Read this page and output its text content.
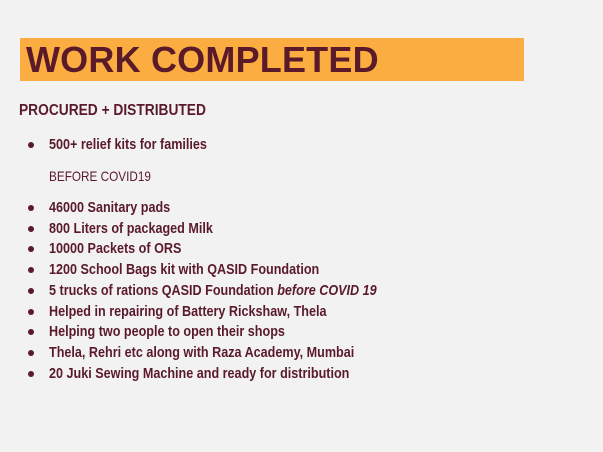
WORK COMPLETED
PROCURED + DISTRIBUTED
500+ relief kits for families
BEFORE COVID19
46000 Sanitary pads
800 Liters of packaged Milk
10000 Packets of ORS
1200 School Bags kit with QASID Foundation
5 trucks of rations QASID Foundation before COVID 19
Helped in repairing of Battery Rickshaw, Thela
Helping two people to open their shops
Thela, Rehri etc along with Raza Academy, Mumbai
20 Juki Sewing Machine and ready for distribution
